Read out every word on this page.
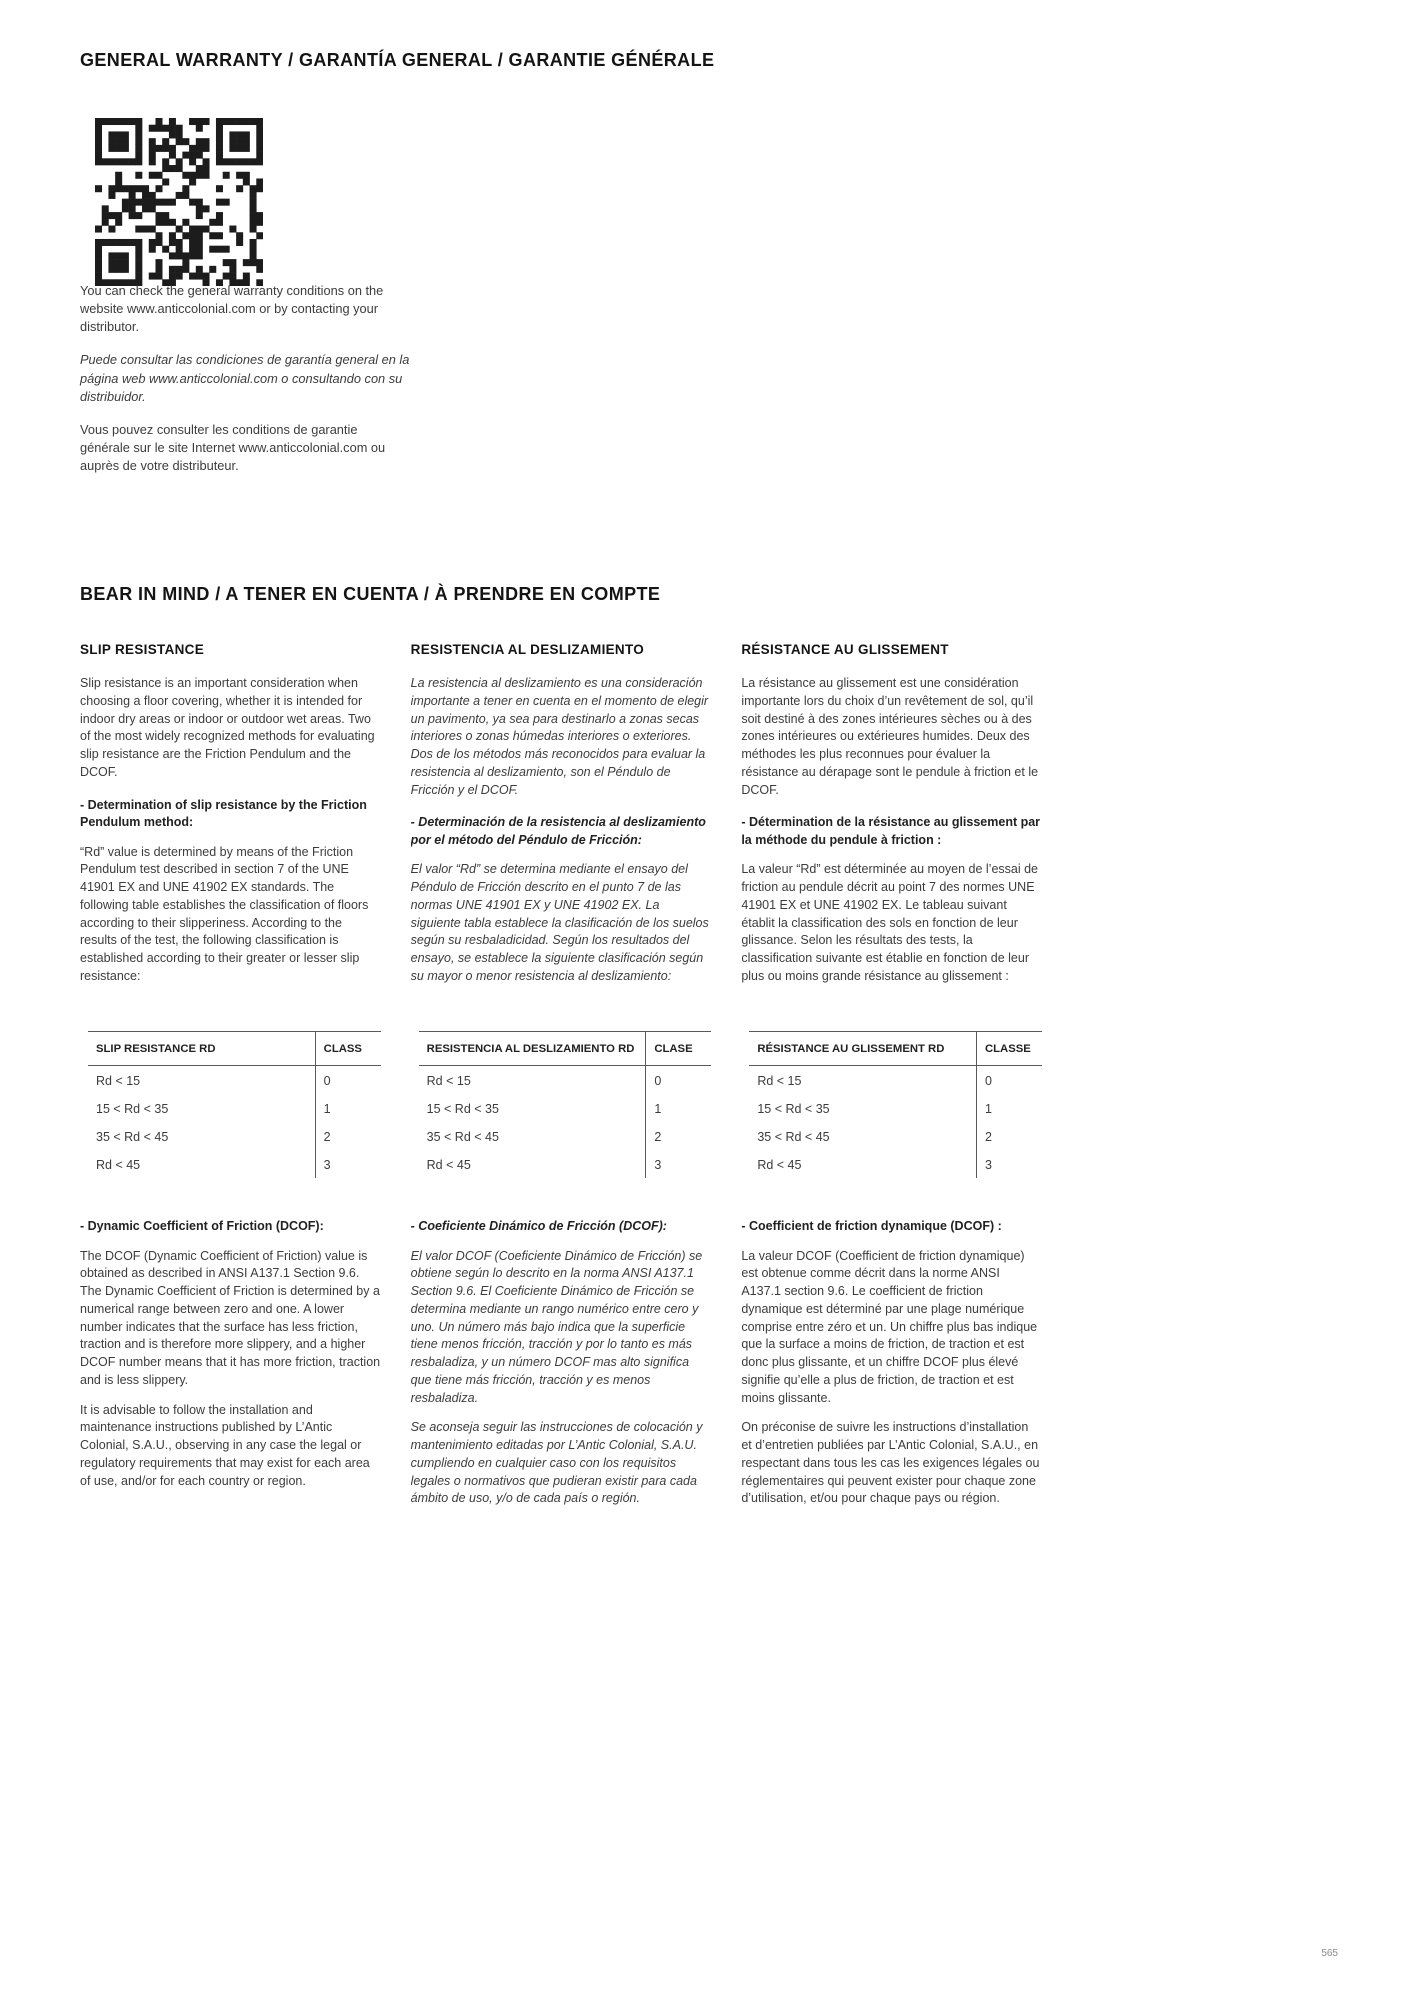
GENERAL WARRANTY / GARANTÍA GENERAL / GARANTIE GÉNÉRALE

You can check the general warranty conditions on the website www.anticcolonial.com or by contacting your distributor.

Puede consultar las condiciones de garantía general en la página web www.anticcolonial.com o consultando con su distribuidor.

Vous pouvez consulter les conditions de garantie générale sur le site Internet www.anticcolonial.com ou auprès de votre distributeur.

BEAR IN MIND / A TENER EN CUENTA / À PRENDRE EN COMPTE
SLIP RESISTANCE

Slip resistance is an important consideration when choosing a floor covering, whether it is intended for indoor dry areas or indoor or outdoor wet areas. Two of the most widely recognized methods for evaluating slip resistance are the Friction Pendulum and the DCOF.

- Determination of slip resistance by the Friction Pendulum method:

“Rd” value is determined by means of the Friction Pendulum test described in section 7 of the UNE 41901 EX and UNE 41902 EX standards. The following table establishes the classification of floors according to their slipperiness. According to the results of the test, the following classification is established according to their greater or lesser slip resistance:

SLIP RESISTANCE RD	CLASS
Rd < 15	0
15 < Rd < 35	1
35 < Rd < 45	2
Rd < 45	3

- Dynamic Coefficient of Friction (DCOF):

The DCOF (Dynamic Coefficient of Friction) value is obtained as described in ANSI A137.1 Section 9.6. The Dynamic Coefficient of Friction is determined by a numerical range between zero and one. A lower number indicates that the surface has less friction, traction and is therefore more slippery, and a higher DCOF number means that it has more friction, traction and is less slippery.

It is advisable to follow the installation and maintenance instructions published by L’Antic Colonial, S.A.U., observing in any case the legal or regulatory requirements that may exist for each area of use, and/or for each country or region.

RESISTENCIA AL DESLIZAMIENTO

La resistencia al deslizamiento es una consideración importante a tener en cuenta en el momento de elegir un pavimento, ya sea para destinarlo a zonas secas interiores o zonas húmedas interiores o exteriores. Dos de los métodos más reconocidos para evaluar la resistencia al deslizamiento, son el Péndulo de Fricción y el DCOF.

- Determinación de la resistencia al deslizamiento por el método del Péndulo de Fricción:

El valor “Rd” se determina mediante el ensayo del Péndulo de Fricción descrito en el punto 7 de las normas UNE 41901 EX y UNE 41902 EX. La siguiente tabla establece la clasificación de los suelos según su resbaladicidad. Según los resultados del ensayo, se establece la siguiente clasificación según su mayor o menor resistencia al deslizamiento:

RESISTENCIA AL DESLIZAMIENTO RD	CLASE
Rd < 15	0
15 < Rd < 35	1
35 < Rd < 45	2
Rd < 45	3

- Coeficiente Dinámico de Fricción (DCOF):

El valor DCOF (Coeficiente Dinámico de Fricción) se obtiene según lo descrito en la norma ANSI A137.1 Section 9.6. El Coeficiente Dinámico de Fricción se determina mediante un rango numérico entre cero y uno. Un número más bajo indica que la superficie tiene menos fricción, tracción y por lo tanto es más resbaladiza, y un número DCOF mas alto significa que tiene más fricción, tracción y es menos resbaladiza.

Se aconseja seguir las instrucciones de colocación y mantenimiento editadas por L’Antic Colonial, S.A.U. cumpliendo en cualquier caso con los requisitos legales o normativos que pudieran existir para cada ámbito de uso, y/o de cada país o región.

RÉSISTANCE AU GLISSEMENT

La résistance au glissement est une considération importante lors du choix d’un revêtement de sol, qu’il soit destiné à des zones intérieures sèches ou à des zones intérieures ou extérieures humides. Deux des méthodes les plus reconnues pour évaluer la résistance au dérapage sont le pendule à friction et le DCOF.

- Détermination de la résistance au glissement par la méthode du pendule à friction :

La valeur “Rd” est déterminée au moyen de l’essai de friction au pendule décrit au point 7 des normes UNE 41901 EX et UNE 41902 EX. Le tableau suivant établit la classification des sols en fonction de leur glissance. Selon les résultats des tests, la classification suivante est établie en fonction de leur plus ou moins grande résistance au glissement :

RÉSISTANCE AU GLISSEMENT RD	CLASSE
Rd < 15	0
15 < Rd < 35	1
35 < Rd < 45	2
Rd < 45	3

- Coefficient de friction dynamique (DCOF) :

La valeur DCOF (Coefficient de friction dynamique) est obtenue comme décrit dans la norme ANSI A137.1 section 9.6. Le coefficient de friction dynamique est déterminé par une plage numérique comprise entre zéro et un. Un chiffre plus bas indique que la surface a moins de friction, de traction et est donc plus glissante, et un chiffre DCOF plus élevé signifie qu’elle a plus de friction, de traction et est moins glissante.

On préconise de suivre les instructions d’installation et d’entretien publiées par L’Antic Colonial, S.A.U., en respectant dans tous les cas les exigences légales ou réglementaires qui peuvent exister pour chaque zone d’utilisation, et/ou pour chaque pays ou région.

565
